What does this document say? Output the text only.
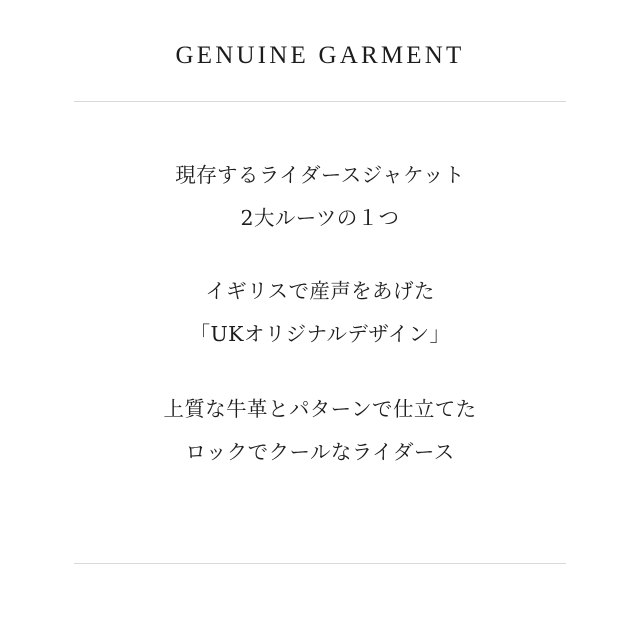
GENUINE GARMENT

現存するライダースジャケット
2大ルーツの１つ

イギリスで産声をあげた
「UKオリジナルデザイン」

上質な牛革とパターンで仕立てた
ロックでクールなライダース
